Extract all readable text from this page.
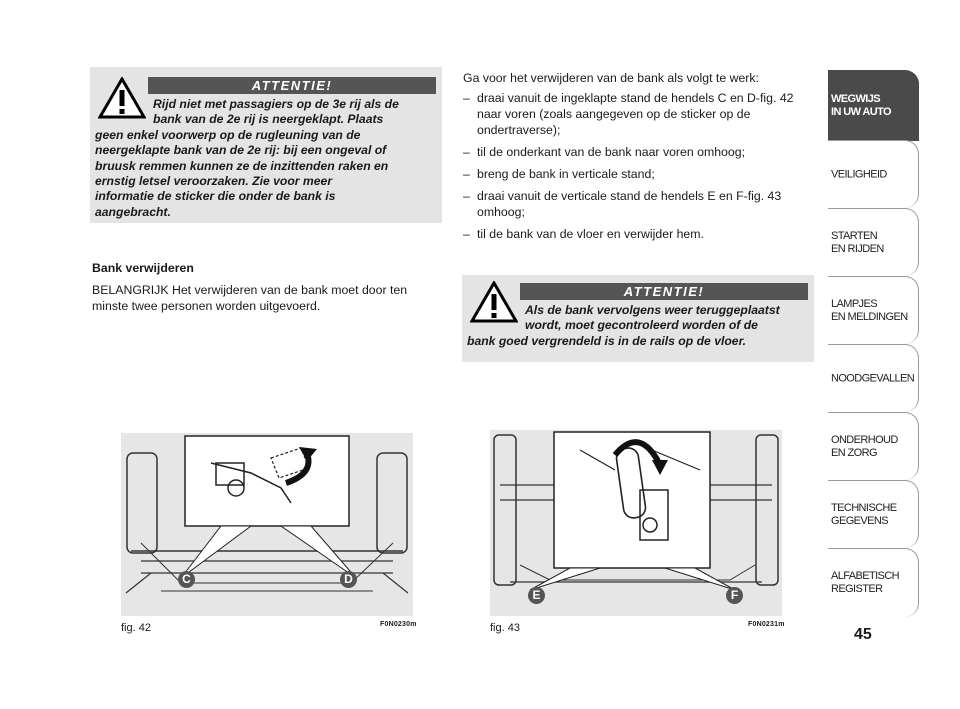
ATTENTIE!
Rijd niet met passagiers op de 3e rij als de
bank van de 2e rij is neergeklapt. Plaats
geen enkel voorwerp op de rugleuning van de
neergeklapte bank van de 2e rij: bij een ongeval of
bruusk remmen kunnen ze de inzittenden raken en
ernstig letsel veroorzaken. Zie voor meer
informatie de sticker die onder de bank is
aangebracht.
Bank verwijderen
BELANGRIJK Het verwijderen van de bank moet door ten minste twee personen worden uitgevoerd.
Ga voor het verwijderen van de bank als volgt te werk:
– draai vanuit de ingeklapte stand de hendels C en D-fig. 42 naar voren (zoals aangegeven op de sticker op de ondertraverse);
– til de onderkant van de bank naar voren omhoog;
– breng de bank in verticale stand;
– draai vanuit de verticale stand de hendels E en F-fig. 43 omhoog;
– til de bank van de vloer en verwijder hem.
ATTENTIE!
Als de bank vervolgens weer teruggeplaatst
wordt, moet gecontroleerd worden of de
bank goed vergrendeld is in de rails op de vloer.
C	D
fig. 42	F0N0230m
E	F
fig. 43	F0N0231m
WEGWIJS
IN UW AUTO
VEILIGHEID
STARTEN
EN RIJDEN
LAMPJES
EN MELDINGEN
NOODGEVALLEN
ONDERHOUD
EN ZORG
TECHNISCHE
GEGEVENS
ALFABETISCH
REGISTER
45
